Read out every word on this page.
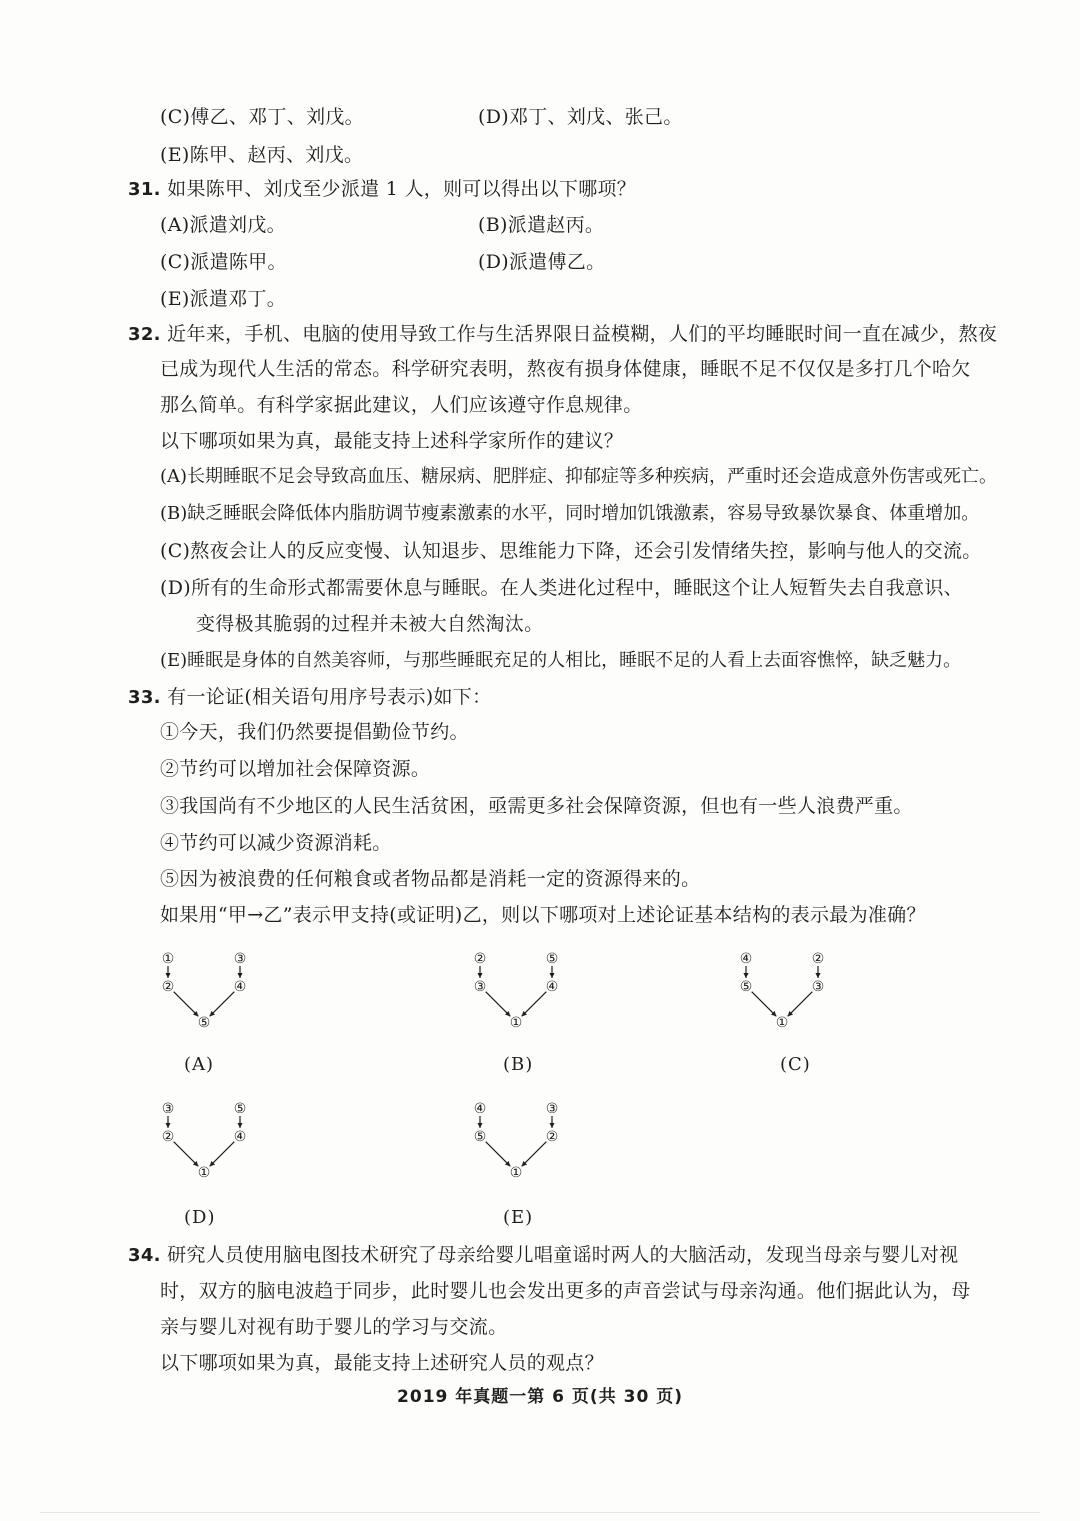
(C)傅乙、邓丁、刘戊。	(D)邓丁、刘戊、张己。
(E)陈甲、赵丙、刘戊。
31. 如果陈甲、刘戊至少派遣 1 人，则可以得出以下哪项？
(A)派遣刘戊。	(B)派遣赵丙。
(C)派遣陈甲。	(D)派遣傅乙。
(E)派遣邓丁。
32. 近年来，手机、电脑的使用导致工作与生活界限日益模糊，人们的平均睡眠时间一直在减少，熬夜
已成为现代人生活的常态。科学研究表明，熬夜有损身体健康，睡眠不足不仅仅是多打几个哈欠
那么简单。有科学家据此建议，人们应该遵守作息规律。
以下哪项如果为真，最能支持上述科学家所作的建议？
(A)长期睡眠不足会导致高血压、糖尿病、肥胖症、抑郁症等多种疾病，严重时还会造成意外伤害或死亡。
(B)缺乏睡眠会降低体内脂肪调节瘦素激素的水平，同时增加饥饿激素，容易导致暴饮暴食、体重增加。
(C)熬夜会让人的反应变慢、认知退步、思维能力下降，还会引发情绪失控，影响与他人的交流。
(D)所有的生命形式都需要休息与睡眠。在人类进化过程中，睡眠这个让人短暂失去自我意识、
变得极其脆弱的过程并未被大自然淘汰。
(E)睡眠是身体的自然美容师，与那些睡眠充足的人相比，睡眠不足的人看上去面容憔悴，缺乏魅力。
33. 有一论证(相关语句用序号表示)如下：
①今天，我们仍然要提倡勤俭节约。
②节约可以增加社会保障资源。
③我国尚有不少地区的人民生活贫困，亟需更多社会保障资源，但也有一些人浪费严重。
④节约可以减少资源消耗。
⑤因为被浪费的任何粮食或者物品都是消耗一定的资源得来的。
如果用“甲→乙”表示甲支持(或证明)乙，则以下哪项对上述论证基本结构的表示最为准确？
①
②
③
④
⑤
(A)
②
③
⑤
④
①
(B)
④
⑤
②
③
①
(C)
③
②
⑤
④
①
(D)
④
⑤
③
②
①
(E)
34. 研究人员使用脑电图技术研究了母亲给婴儿唱童谣时两人的大脑活动，发现当母亲与婴儿对视
时，双方的脑电波趋于同步，此时婴儿也会发出更多的声音尝试与母亲沟通。他们据此认为，母
亲与婴儿对视有助于婴儿的学习与交流。
以下哪项如果为真，最能支持上述研究人员的观点？
2019 年真题一第 6 页(共 30 页)
